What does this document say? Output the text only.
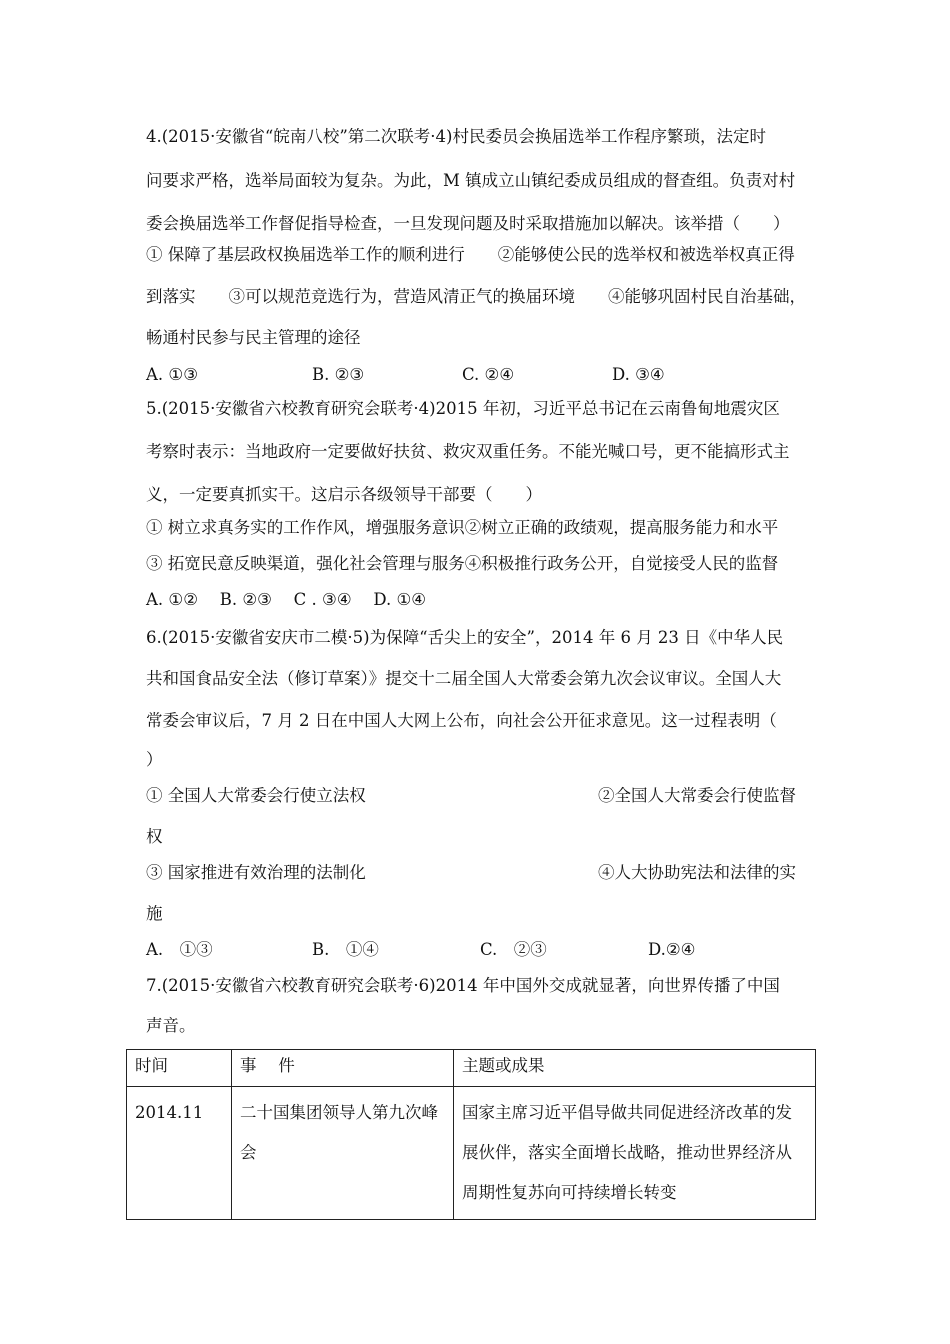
4.(2015·安徽省“皖南八校”第二次联考·4)村民委员会换届选举工作程序繁琐，法定时
问要求严格，选举局面较为复杂。为此，M 镇成立山镇纪委成员组成的督查组。负责对村
委会换届选举工作督促指导检查，一旦发现问题及时采取措施加以解决。该举措（　　）
① 保障了基层政权换届选举工作的顺利进行　　②能够使公民的选举权和被选举权真正得
到落实　　③可以规范竞选行为，营造风清正气的换届环境　　④能够巩固村民自治基础，
畅通村民参与民主管理的途径
A. ①③	B. ②③	C. ②④	D. ③④
5.(2015·安徽省六校教育研究会联考·4)2015 年初，习近平总书记在云南鲁甸地震灾区
考察时表示：当地政府一定要做好扶贫、救灾双重任务。不能光喊口号，更不能搞形式主
义，一定要真抓实干。这启示各级领导干部要（　　）
① 树立求真务实的工作作风，增强服务意识②树立正确的政绩观，提高服务能力和水平
③ 拓宽民意反映渠道，强化社会管理与服务④积极推行政务公开，自觉接受人民的监督
A. ①②　 B. ②③　 C . ③④　 D. ①④
6.(2015·安徽省安庆市二模·5)为保障“舌尖上的安全”，2014 年 6 月 23 日《中华人民
共和国食品安全法（修订草案）》提交十二届全国人大常委会第九次会议审议。全国人大
常委会审议后，7 月 2 日在中国人大网上公布，向社会公开征求意见。这一过程表明（
）
① 全国人大常委会行使立法权	②全国人大常委会行使监督
权
③ 国家推进有效治理的法制化	④人大协助宪法和法律的实
施
A.　①③	B.　①④	C.　②③	D.②④
7.(2015·安徽省六校教育研究会联考·6)2014 年中国外交成就显著，向世界传播了中国
声音。
时间	事　 件	主题或成果
2014.11	二十国集团领导人第九次峰会	国家主席习近平倡导做共同促进经济改革的发展伙伴，落实全面增长战略，推动世界经济从周期性复苏向可持续增长转变
